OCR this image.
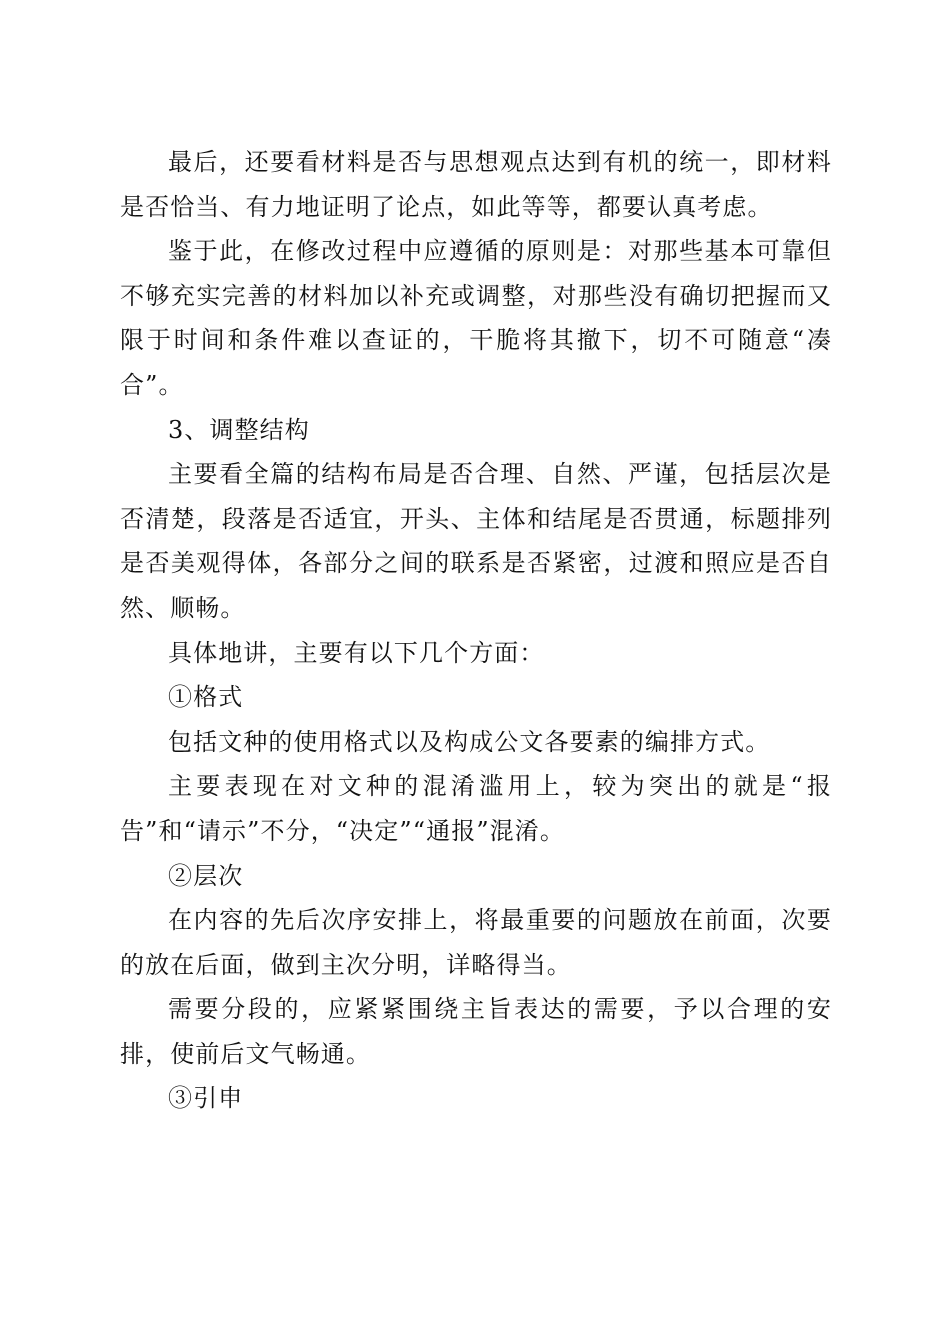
最后，还要看材料是否与思想观点达到有机的统一，即材料是否恰当、有力地证明了论点，如此等等，都要认真考虑。

鉴于此，在修改过程中应遵循的原则是：对那些基本可靠但不够充实完善的材料加以补充或调整，对那些没有确切把握而又限于时间和条件难以查证的，干脆将其撤下，切不可随意“凑合”。

3、调整结构

主要看全篇的结构布局是否合理、自然、严谨，包括层次是否清楚，段落是否适宜，开头、主体和结尾是否贯通，标题排列是否美观得体，各部分之间的联系是否紧密，过渡和照应是否自然、顺畅。

具体地讲，主要有以下几个方面：

①格式

包括文种的使用格式以及构成公文各要素的编排方式。

主要表现在对文种的混淆滥用上，较为突出的就是“报告”和“请示”不分，“决定”“通报”混淆。

②层次

在内容的先后次序安排上，将最重要的问题放在前面，次要的放在后面，做到主次分明，详略得当。

需要分段的，应紧紧围绕主旨表达的需要，予以合理的安排，使前后文气畅通。

③引申
